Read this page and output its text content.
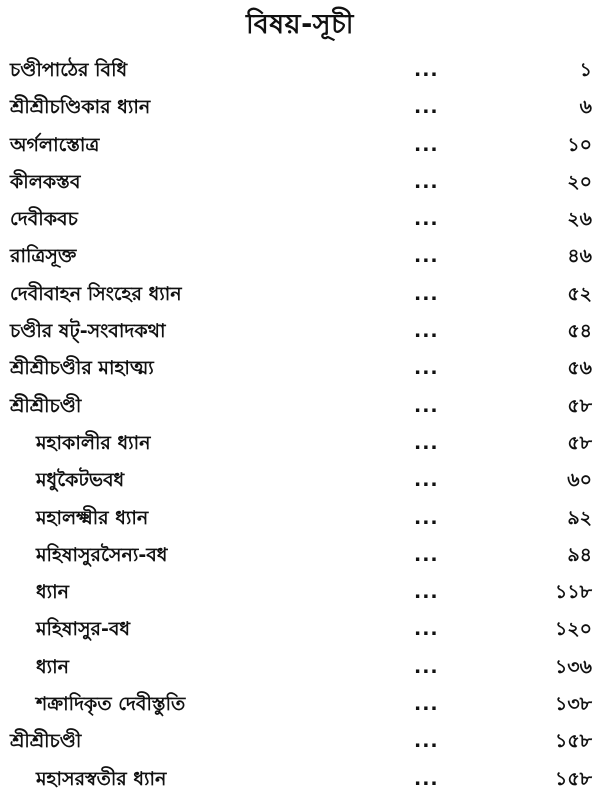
বিষয়-সূচী
চণ্ডীপাঠের বিধি	...	১
শ্রীশ্রীচণ্ডিকার ধ্যান	...	৬
অর্গলাস্তোত্র	...	১০
কীলকস্তব	...	২০
দেবীকবচ	...	২৬
রাত্রিসূক্ত	...	৪৬
দেবীবাহন সিংহের ধ্যান	...	৫২
চণ্ডীর ষট্-সংবাদকথা	...	৫৪
শ্রীশ্রীচণ্ডীর মাহাত্ম্য	...	৫৬
শ্রীশ্রীচণ্ডী	...	৫৮
মহাকালীর ধ্যান	...	৫৮
মধুকৈটভবধ	...	৬০
মহালক্ষ্মীর ধ্যান	...	৯২
মহিষাসুরসৈন্য-বধ	...	৯৪
ধ্যান	...	১১৮
মহিষাসুর-বধ	...	১২০
ধ্যান	...	১৩৬
শক্রাদিকৃত দেবীস্তুতি	...	১৩৮
শ্রীশ্রীচণ্ডী	...	১৫৮
মহাসরস্বতীর ধ্যান	...	১৫৮
